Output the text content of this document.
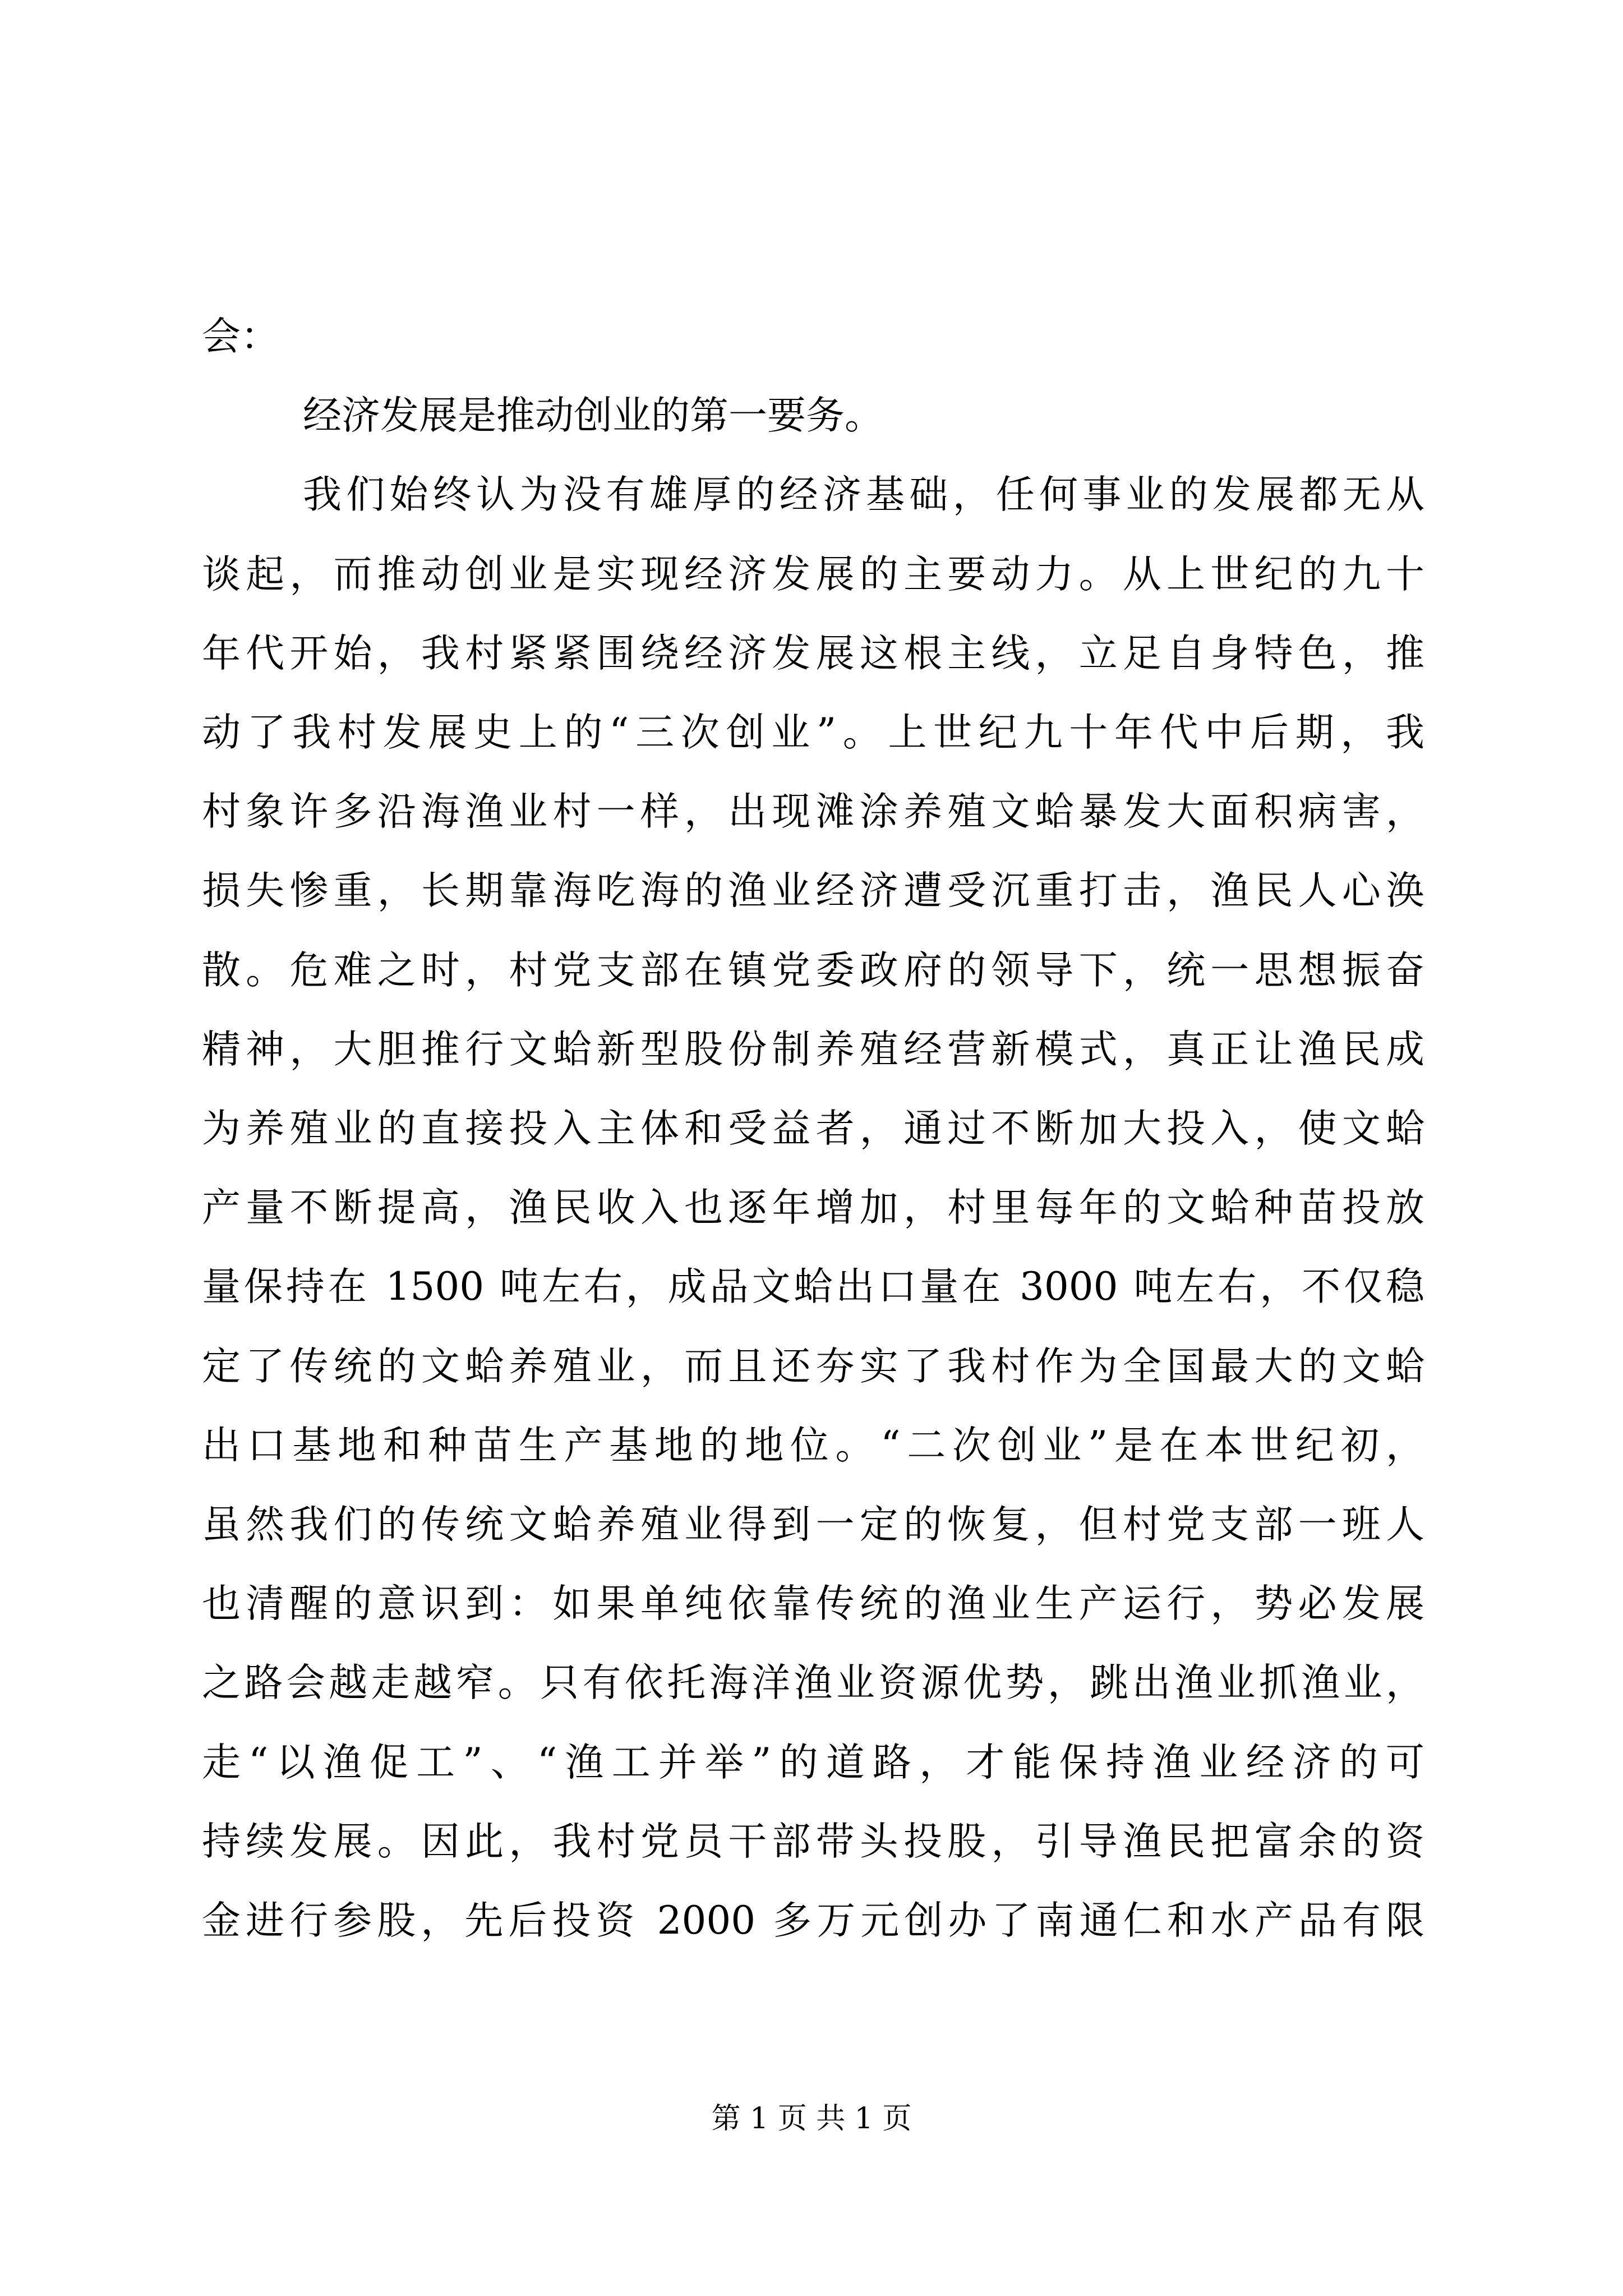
会：
经济发展是推动创业的第一要务。
我们始终认为没有雄厚的经济基础，任何事业的发展都无从
谈起，而推动创业是实现经济发展的主要动力。从上世纪的九十
年代开始，我村紧紧围绕经济发展这根主线，立足自身特色，推
动了我村发展史上的“三次创业”。上世纪九十年代中后期，我
村象许多沿海渔业村一样，出现滩涂养殖文蛤暴发大面积病害，
损失惨重，长期靠海吃海的渔业经济遭受沉重打击，渔民人心涣
散。危难之时，村党支部在镇党委政府的领导下，统一思想振奋
精神，大胆推行文蛤新型股份制养殖经营新模式，真正让渔民成
为养殖业的直接投入主体和受益者，通过不断加大投入，使文蛤
产量不断提高，渔民收入也逐年增加，村里每年的文蛤种苗投放
量保持在 1500 吨左右，成品文蛤出口量在 3000 吨左右，不仅稳
定了传统的文蛤养殖业，而且还夯实了我村作为全国最大的文蛤
出口基地和种苗生产基地的地位。“二次创业”是在本世纪初，
虽然我们的传统文蛤养殖业得到一定的恢复，但村党支部一班人
也清醒的意识到：如果单纯依靠传统的渔业生产运行，势必发展
之路会越走越窄。只有依托海洋渔业资源优势，跳出渔业抓渔业，
走“以渔促工”、“渔工并举”的道路，才能保持渔业经济的可
持续发展。因此，我村党员干部带头投股，引导渔民把富余的资
金进行参股，先后投资 2000 多万元创办了南通仁和水产品有限
第 1 页 共 1 页
